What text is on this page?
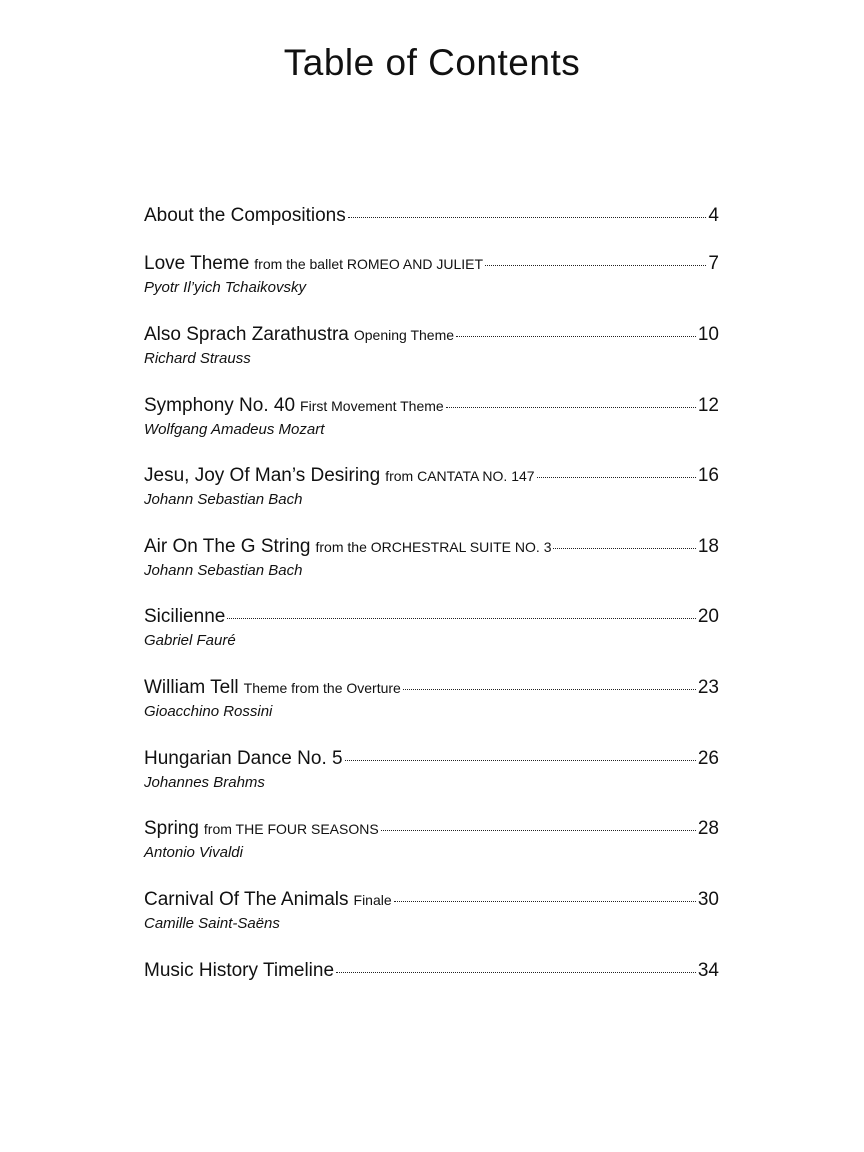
Table of Contents
About the Compositions	4
Love Theme from the ballet ROMEO AND JULIET	7
Pyotr Il’yich Tchaikovsky
Also Sprach Zarathustra Opening Theme	10
Richard Strauss
Symphony No. 40 First Movement Theme	12
Wolfgang Amadeus Mozart
Jesu, Joy Of Man’s Desiring from CANTATA NO. 147	16
Johann Sebastian Bach
Air On The G String from the ORCHESTRAL SUITE NO. 3	18
Johann Sebastian Bach
Sicilienne	20
Gabriel Fauré
William Tell Theme from the Overture	23
Gioacchino Rossini
Hungarian Dance No. 5	26
Johannes Brahms
Spring from THE FOUR SEASONS	28
Antonio Vivaldi
Carnival Of The Animals Finale	30
Camille Saint-Saëns
Music History Timeline	34
